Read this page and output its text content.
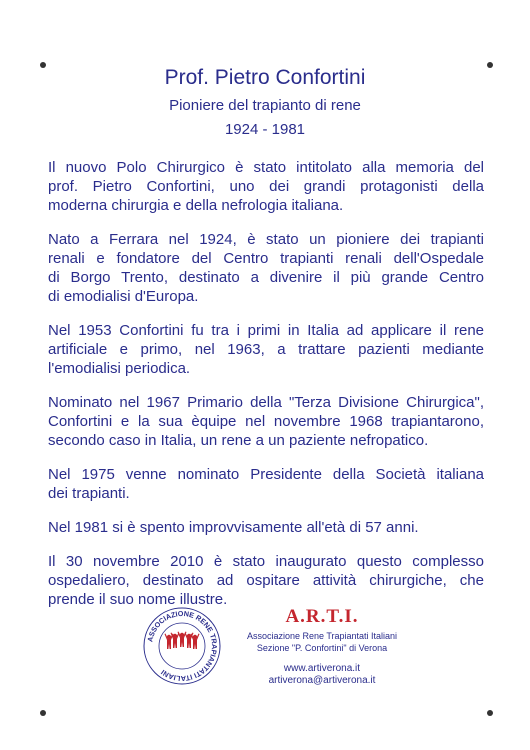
Prof. Pietro Confortini
Pioniere del trapianto di rene
1924 - 1981
Il nuovo Polo Chirurgico è stato intitolato alla memoria del
prof. Pietro Confortini, uno dei grandi protagonisti della
moderna chirurgia e della nefrologia italiana.
Nato a Ferrara nel 1924, è stato un pioniere dei trapianti
renali e fondatore del Centro trapianti renali dell'Ospedale
di Borgo Trento, destinato a divenire il più grande Centro
di emodialisi d'Europa.
Nel 1953 Confortini fu tra i primi in Italia ad applicare il rene
artificiale e primo, nel 1963, a trattare pazienti mediante
l'emodialisi periodica.
Nominato nel 1967 Primario della "Terza Divisione Chirurgica",
Confortini e la sua èquipe nel novembre 1968 trapiantarono,
secondo caso in Italia, un rene a un paziente nefropatico.
Nel 1975 venne nominato Presidente della Società italiana
dei trapianti.
Nel 1981 si è spento improvvisamente all'età di 57 anni.
Il 30 novembre 2010 è stato inaugurato questo complesso
ospedaliero, destinato ad ospitare attività chirurgiche, che
prende il suo nome illustre.
ASSOCIAZIONE RENE TRAPIANTATI ITALIANI
A.R.T.I.
Associazione Rene Trapiantati Italiani
Sezione "P. Confortini" di Verona
www.artiverona.it
artiverona@artiverona.it
